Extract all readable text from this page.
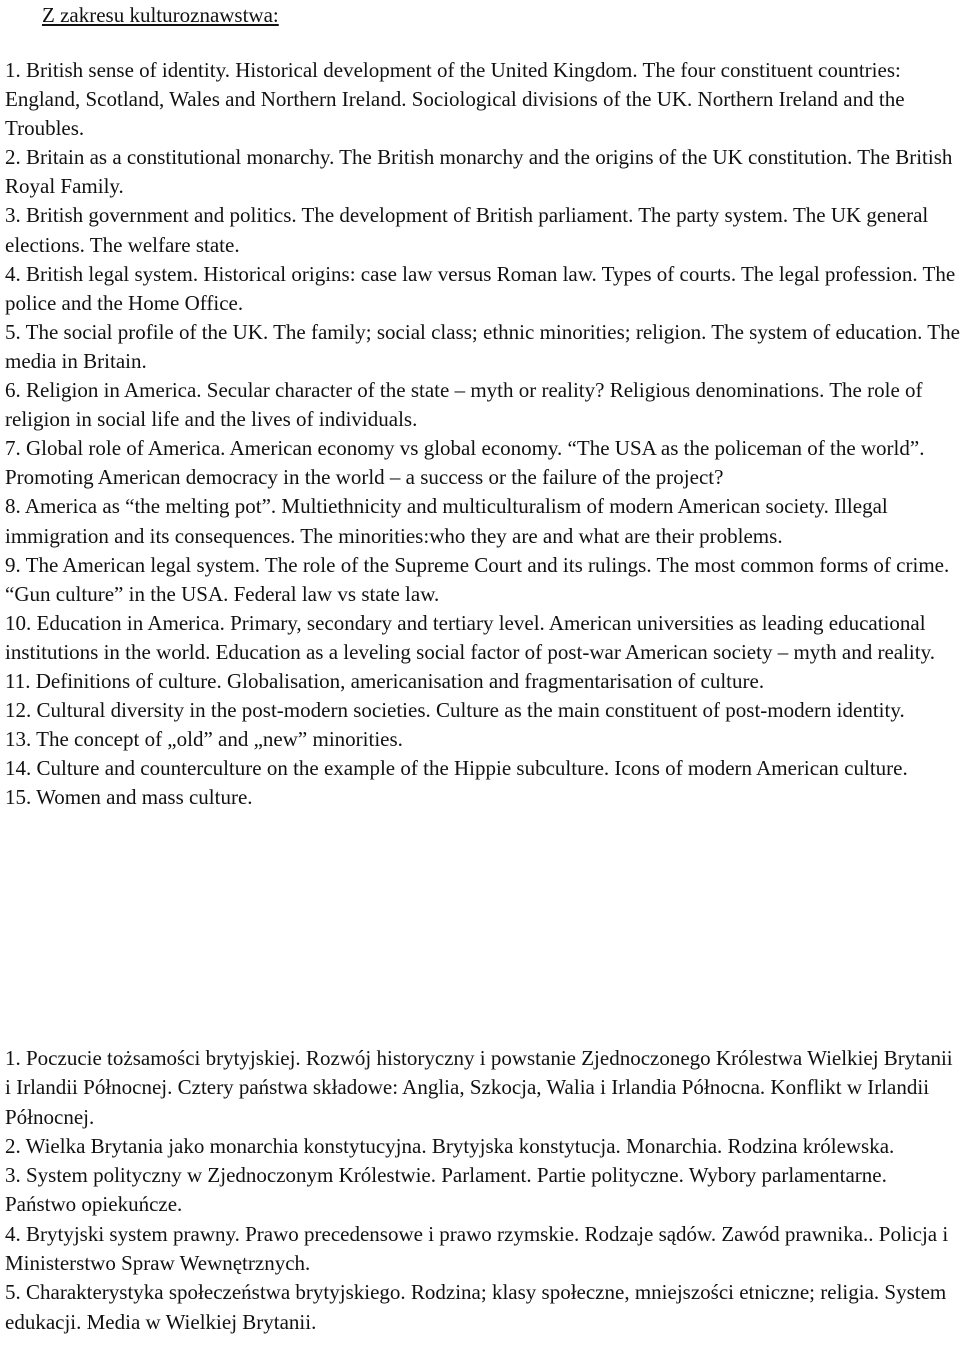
Z zakresu kulturoznawstwa:

1. British sense of identity. Historical development of the United Kingdom. The four constituent countries: England, Scotland, Wales and Northern Ireland. Sociological divisions of the UK. Northern Ireland and the Troubles.

2. Britain as a constitutional monarchy. The British monarchy and the origins of the UK constitution. The British Royal Family.

3. British government and politics. The development of British parliament. The party system. The UK general elections. The welfare state.

4. British legal system. Historical origins: case law versus Roman law. Types of courts. The legal profession. The police and the Home Office.

5. The social profile of the UK. The family; social class; ethnic minorities; religion. The system of education. The media in Britain.

6. Religion in America. Secular character of the state – myth or reality? Religious denominations. The role of religion in social life and the lives of individuals.

7. Global role of America. American economy vs global economy. “The USA as the policeman of the world”. Promoting American democracy in the world – a success or the failure of the project?

8. America as “the melting pot”. Multiethnicity and multiculturalism of modern American society. Illegal immigration and its consequences. The minorities:who they are and what are their problems.

9. The American legal system. The role of the Supreme Court and its rulings. The most common forms of crime. “Gun culture” in the USA. Federal law vs state law.

10. Education in America. Primary, secondary and tertiary level. American universities as leading educational institutions in the world. Education as a leveling social factor of post-war American society – myth and reality.

11. Definitions of culture. Globalisation, americanisation and fragmentarisation of culture.

12. Cultural diversity in the post-modern societies. Culture as the main constituent of post-modern identity.

13. The concept of „old” and „new” minorities.

14. Culture and counterculture on the example of the Hippie subculture. Icons of modern American culture.

15. Women and mass culture.

1. Poczucie tożsamości brytyjskiej. Rozwój historyczny i powstanie Zjednoczonego Królestwa Wielkiej Brytanii i Irlandii Północnej. Cztery państwa składowe: Anglia, Szkocja, Walia i Irlandia Północna. Konflikt w Irlandii Północnej.

2. Wielka Brytania jako monarchia konstytucyjna. Brytyjska konstytucja. Monarchia. Rodzina królewska.

3. System polityczny w Zjednoczonym Królestwie. Parlament. Partie polityczne. Wybory parlamentarne. Państwo opiekuńcze.

4. Brytyjski system prawny. Prawo precedensowe i prawo rzymskie. Rodzaje sądów. Zawód prawnika.. Policja i Ministerstwo Spraw Wewnętrznych.

5. Charakterystyka społeczeństwa brytyjskiego. Rodzina; klasy społeczne, mniejszości etniczne; religia. System edukacji. Media w Wielkiej Brytanii.
